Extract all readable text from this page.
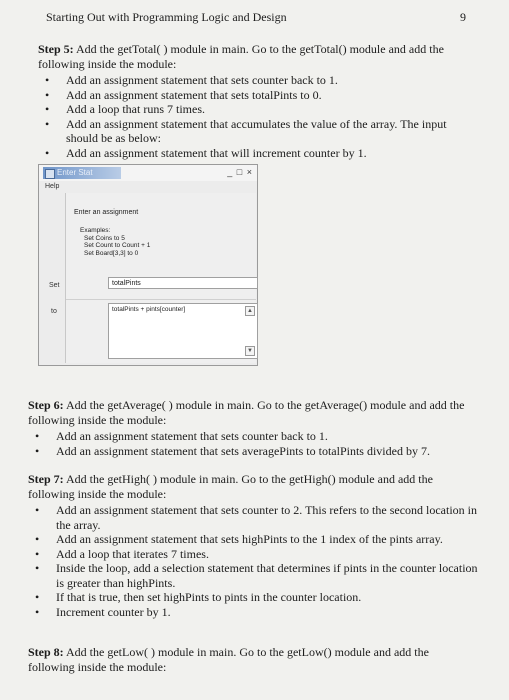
Starting Out with Programming Logic and Design	9

Step 5: Add the getTotal( ) module in main. Go to the getTotal() module and add the following inside the module:

• Add an assignment statement that sets counter back to 1.
• Add an assignment statement that sets totalPints to 0.
• Add a loop that runs 7 times.
• Add an assignment statement that accumulates the value of the array. The input should be as below:
• Add an assignment statement that will increment counter by 1.
Enter Stat	_ □ ×
Help
Enter an assignment
Examples:
Set Coins to 5
Set Count to Count + 1
Set Board[3,3] to 0
Set	totalPints
to	totalPints + pints[counter]	▲
▼

Step 6: Add the getAverage( ) module in main. Go to the getAverage() module and add the following inside the module:

• Add an assignment statement that sets counter back to 1.
• Add an assignment statement that sets averagePints to totalPints divided by 7.

Step 7: Add the getHigh( ) module in main. Go to the getHigh() module and add the following inside the module:

• Add an assignment statement that sets counter to 2. This refers to the second location in the array.
• Add an assignment statement that sets highPints to the 1 index of the pints array.
• Add a loop that iterates 7 times.
• Inside the loop, add a selection statement that determines if pints in the counter location is greater than highPints.
• If that is true, then set highPints to pints in the counter location.
• Increment counter by 1.

Step 8: Add the getLow( ) module in main. Go to the getLow() module and add the following inside the module:
